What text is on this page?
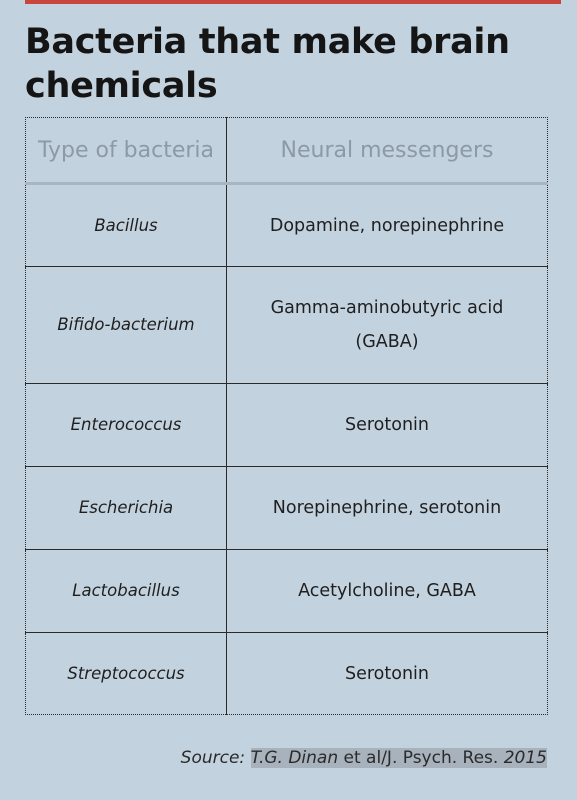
Bacteria that make brain chemicals
Type of bacteria	Neural messengers
Bacillus	Dopamine, norepinephrine
Bifido-bacterium	Gamma-aminobutyric acid (GABA)
Enterococcus	Serotonin
Escherichia	Norepinephrine, serotonin
Lactobacillus	Acetylcholine, GABA
Streptococcus	Serotonin
Source: T.G. Dinan et al/J. Psych. Res. 2015
